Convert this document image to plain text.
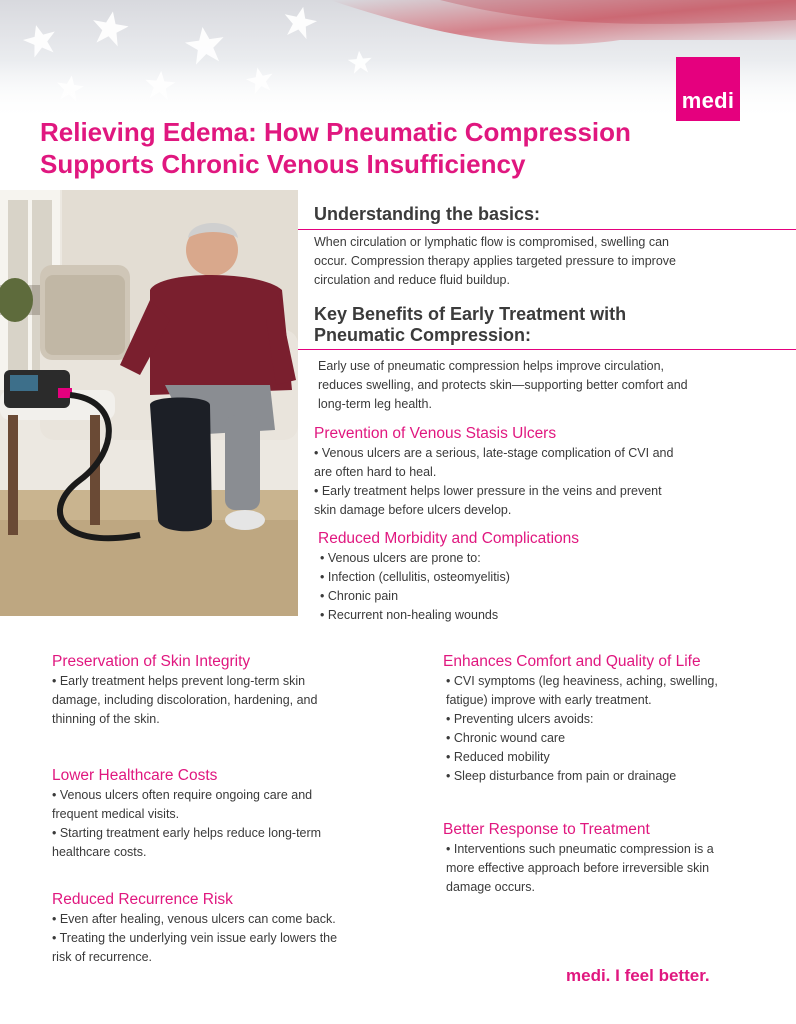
medi
Relieving Edema: How Pneumatic Compression
Supports Chronic Venous Insufficiency
Understanding the basics:
When circulation or lymphatic flow is compromised, swelling can
occur. Compression therapy applies targeted pressure to improve
circulation and reduce fluid buildup.
Key Benefits of Early Treatment with
Pneumatic Compression:
Early use of pneumatic compression helps improve circulation,
reduces swelling, and protects skin—supporting better comfort and
long-term leg health.
Prevention of Venous Stasis Ulcers
• Venous ulcers are a serious, late-stage complication of CVI and
are often hard to heal.
• Early treatment helps lower pressure in the veins and prevent
skin damage before ulcers develop.
Reduced Morbidity and Complications
• Venous ulcers are prone to:
• Infection (cellulitis, osteomyelitis)
• Chronic pain
• Recurrent non-healing wounds
Preservation of Skin Integrity
• Early treatment helps prevent long-term skin
damage, including discoloration, hardening, and
thinning of the skin.
Lower Healthcare Costs
• Venous ulcers often require ongoing care and
frequent medical visits.
• Starting treatment early helps reduce long-term
healthcare costs.
Reduced Recurrence Risk
• Even after healing, venous ulcers can come back.
• Treating the underlying vein issue early lowers the
risk of recurrence.
Enhances Comfort and Quality of Life
• CVI symptoms (leg heaviness, aching, swelling,
fatigue) improve with early treatment.
• Preventing ulcers avoids:
• Chronic wound care
• Reduced mobility
• Sleep disturbance from pain or drainage
Better Response to Treatment
• Interventions such pneumatic compression is a
more effective approach before irreversible skin
damage occurs.
medi. I feel better.
